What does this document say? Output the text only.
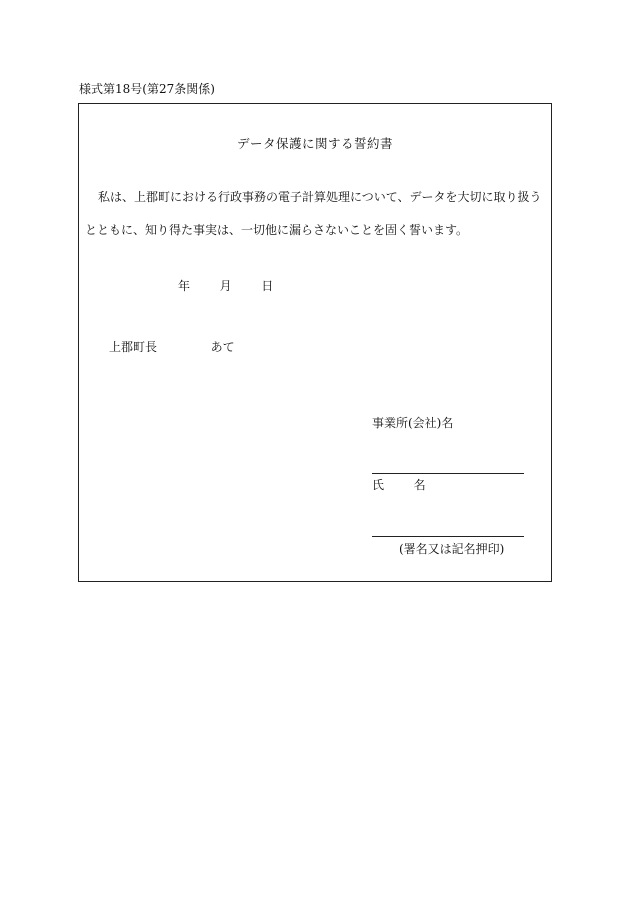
様式第18号(第27条関係)
データ保護に関する誓約書
私は、上郡町における行政事務の電子計算処理について、データを大切に取り扱うとともに、知り得た事実は、一切他に漏らさないことを固く誓います。
年 月 日
上郡町長	あて
事業所(会社)名
氏 名
(署名又は記名押印)
